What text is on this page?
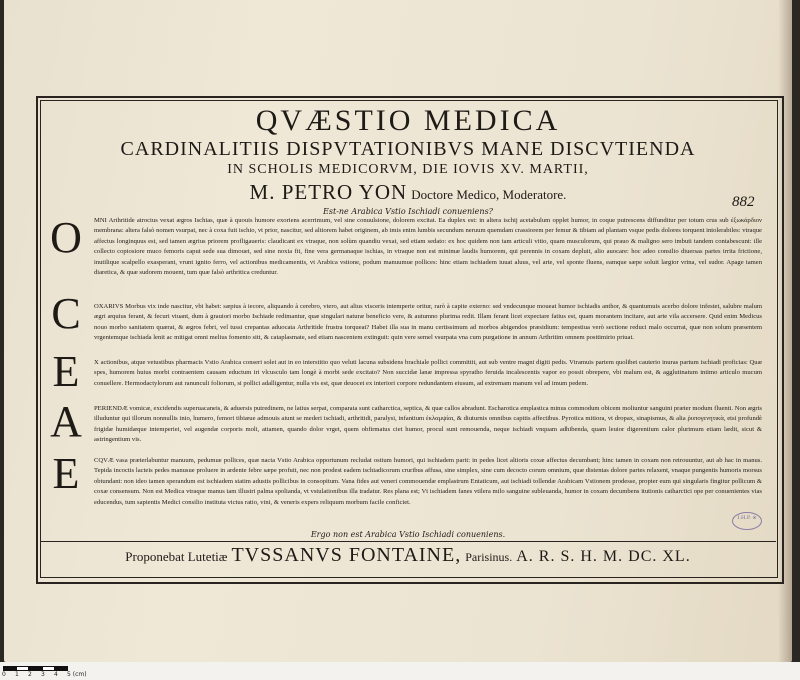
QVÆSTIO MEDICA
CARDINALITIIS DISPVTATIONIBVS MANE DISCVTIENDA
IN SCHOLIS MEDICORVM, DIE IOVIS XV. MARTII,
M. PETRO YON Doctore Medico, Moderatore.
Est-ne Arabica Vstio Ischiadi conueniens?
882
O
C
E
A
E
MNI Arthritide atrocius vexat ægros Ischias, quæ à quouis humore exoriens acerrimum, vel sine conuulsione, dolorem excitat. Ea duplex est: in altera ischij acetabulum opplet humor, in coque putrescens diffunditur per totum crus sub ἐξωκάρδιον membrana: altera falsò nomen vsurpat, nec à coxa fuit ischio, vt prior, nascitur, sed altiorem habet originem, ab imis enim lumbis secundum neruum quemdam crassiorem per femur & tibiam ad plantam vsque pedis dolores torquent intolerabiles: vtraque affectus longinquus est, sed tamen ægrius priorem profligaueris: claudicant ex vtraque, non solùm quandiu vexat, sed etiam sedato: ex hoc quidem non tam articuli vitio, quam musculorum, qui prauo & maligno sero imbuti tandem contabescunt: ille collecto copiosiore muco femoris caput sede sua dimouet, sed sine noxia fit, fine vera germanaque ischias, in vtraque non est minimæ laudis humorem, qui perennis in coxam depluit, alio auocare: hoc adeo consilio diuersas partes irrita frictione, inutilique scalpello exasperant, vrunt ignito ferro, vel actionibus medicamentis, vt Arabica vstione, podum manuumue pollices: hinc etiam ischiadem iuuat aluus, vel arte, vel sponte fluens, eamque sæpe soluit largior vrina, vel sudor. Apage tamen diaretica, & quæ sudorem mouent, tum quæ falsò arthritica creduntur.
OXARIVS Morbus vix inde nascitur, vbi habet: sæpius à iecore, aliquando à cerebro, vtero, aut alius visceris intemperie oritur, rarò à capite externo: sed vndecunque moueat humor ischiadis anthor, & quantumuis acerbo dolore infestet, salubre malum ægri æquius ferant, & fecuri viuant, dum à grauiori morbo Ischiade redimantur, quæ singulari naturæ beneficio vere, & autumno plurima redit. Illam ferant licet expectare fatius est, quam morantem incitare, aut arte vila accersere. Quid enim Medicus nouo morbo sanitatem quærat, & ægros febri, vel tussi crepantas aduocata Arthritide frustra torqueat? Habet illa sua in manu certissimum ad morbos abigendos præsidium: tempestiua verò sectione reduci malo occurrat, quæ non solum præsentem vrgentemque ischiada lenit ac mitigat omni melius fomento sitt, & cataplasmate, sed etiam nascentem extinguit: quin vere semel vsurpata vna cum purgatione in annum Arthritim omnem posttimirio priuat.
X actionibus, atque vetustibus pharmacis Vstio Arabica conseri solet aut in eo interstitio quo veluti lacuna subsidens brachiale pollici committit, aut sub ventre magni digiti pedis. Vtramuis partem quolibet cauterio inuras partum ischiadi proficias: Quæ spes, humorem huius morbi contraentem causam eductum iri vlcusculo tam longè à morbi sede excitato? Non succidæ lanæ impressa spyratho feruida incalescentis vapor eo possit obrepere, vbi malum est, & agglutinatum intimo articulo mucum conuellere. Hermodactylorum aut ranunculi foliorum, si pollici adalligentur, nulla vis est, quæ deuocet ex interiori corpore redundantem eiusum, ad extremam manum vel ad imum pedem.
PERIENDÆ vomicæ, excidendis superuacaneis, & aduersis putredinem, ne latius serpat, comparata sunt catharctica, septica, & quæ callos abradunt. Escharotica emplastica minus commodum obicem moliuntur sanguini præter modum fluenti. Non ægris illuduntur qui illorum nonnullis inio, humero, femori tibiæue admouis aiunt se mederi ischiadi, arthritidi, paralysi, infantium ἐκλαμψίαι, & diuturnis omnibus capitis affectibus. Pyrotica mitiora, vt dropax, sinapismus, & alia ῥυπογενητικὰ, etsi profundè frigidæ humidæque intemperiei, vel augendæ corporis moli, attamen, quando dolor vrget, quem obfirmatus ciet humor, procul sunt remouenda, neque ischiadi vnquam adhibenda, quam leuior digerentium calor plurimum etiam lædit, sicut & astringentium vis.
CQVÆ vasa præterlabuntur manuum, pedumue pollices, quæ nacta Vstio Arabica opportunum recludat ostium humori, qui ischiadem parit: in pedes licet altioris coxæ affectus decumbant; hinc tamen in coxam non retrouuntur, aut ab hac in manus. Tepida incoctis lacteis pedes manusue proluere in ardente febre sæpe profuit, nec non prodest eadem ischiadicorum cruribus affusa, sine simplex, sine cum decocto corum omnium, quæ distentas dolore partes relaxent, vnaque pungentis humoris morsus obtundant: non ideo tamen sperandum est ischiadem statim adustis pollicibus in consopitum. Vana fides aut veneri commouendæ emplastrum Entaticum, aut ischiadi tollendæ Arabicam Vstionem prodesse, propter eum qui singularis fingitur pollicum & coxæ consensum. Non est Medica vtraque manus tam illustri palma spolianda, vt vstulationibus illa tradatur. Res plana est; Vt ischiadem fanes vtilera milo sanguine subleuanda, humor in coxam decumbens itutionis catharctici ope per conuenientes vias educendus, tum sapientis Medici consilio instituta victus ratio, vini, & veneris expers reliquum morbum facile conficiet.
Ergo non est Arabica Vstio Ischiadi conueniens.
I.H.P. ※
Proponebat Lutetiæ TVSSANVS FONTAINE, Parisinus. A. R. S. H. M. DC. XL.
0 1 2 3 4 5 (cm)
